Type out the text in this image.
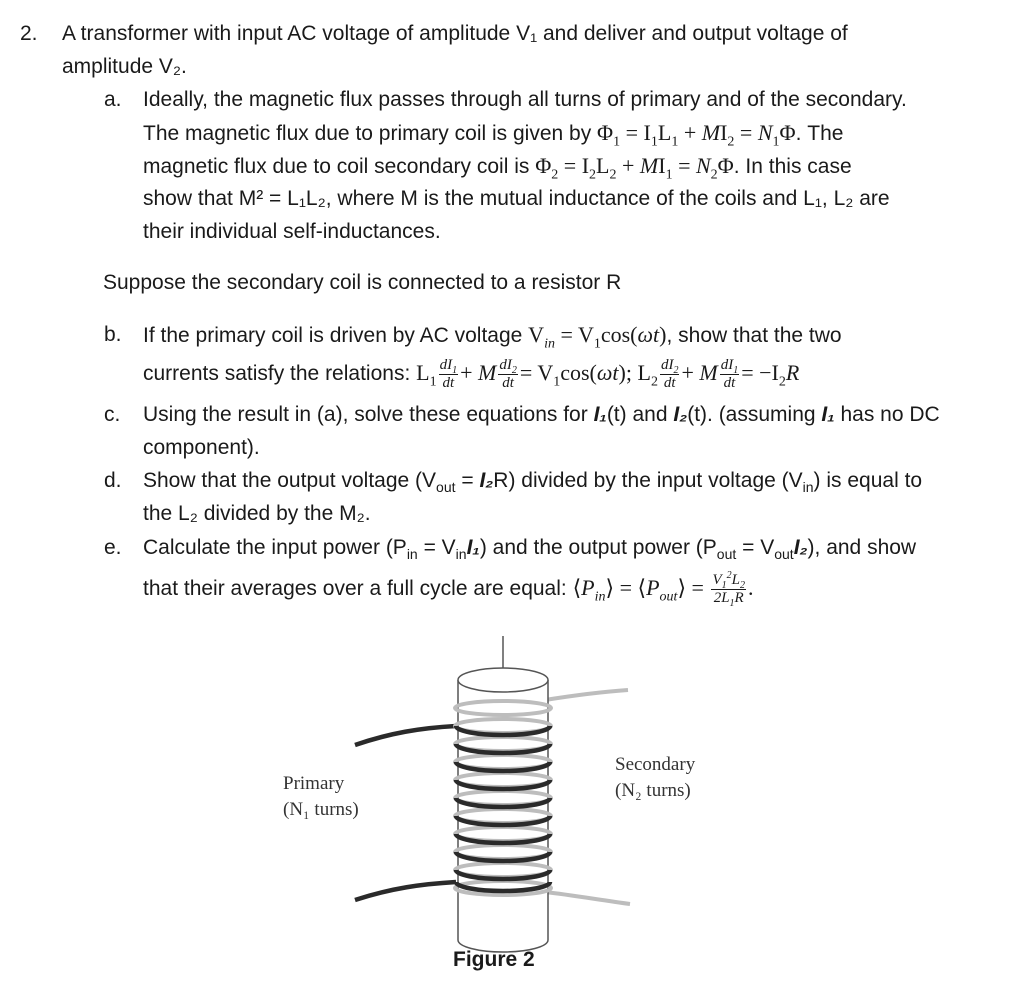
2. A transformer with input AC voltage of amplitude V₁ and deliver and output voltage of
amplitude V₂.
a. Ideally, the magnetic flux passes through all turns of primary and of the secondary.
The magnetic flux due to primary coil is given by $\Phi_1 = I_1L_1 + MI_2 = N_1\Phi$. The
magnetic flux due to coil secondary coil is $\Phi_2 = I_2L_2 + MI_1 = N_2\Phi$. In this case
show that M² = L₁L₂, where M is the mutual inductance of the coils and L₁, L₂ are
their individual self-inductances.
Suppose the secondary coil is connected to a resistor R
b. If the primary coil is driven by AC voltage $V_{in} = V_1\cos(\omega t)$, show that the two
currents satisfy the relations: $L_1 \frac{dI_1}{dt} + M \frac{dI_2}{dt} = V_1\cos(\omega t)$; $L_2 \frac{dI_2}{dt} + M \frac{dI_1}{dt} = -I_2R$
c. Using the result in (a), solve these equations for I₁(t) and I₂(t). (assuming I₁ has no DC
component).
d. Show that the output voltage $(V_{out} = I_2R)$ divided by the input voltage $(V_{in})$ is equal to
the L₂ divided by the M₂.
e. Calculate the input power $(P_{in} = V_{in}I_1)$ and the output power $(P_{out} = V_{out}I_2)$, and show
that their averages over a full cycle are equal: $⟨P_{in}⟩$ = $⟨P_{out}⟩ = \frac{V_1^2L_2}{2L_1R}$ .
Primary
(N₁ turns)
Secondary
(N₂ turns)
Figure 2
